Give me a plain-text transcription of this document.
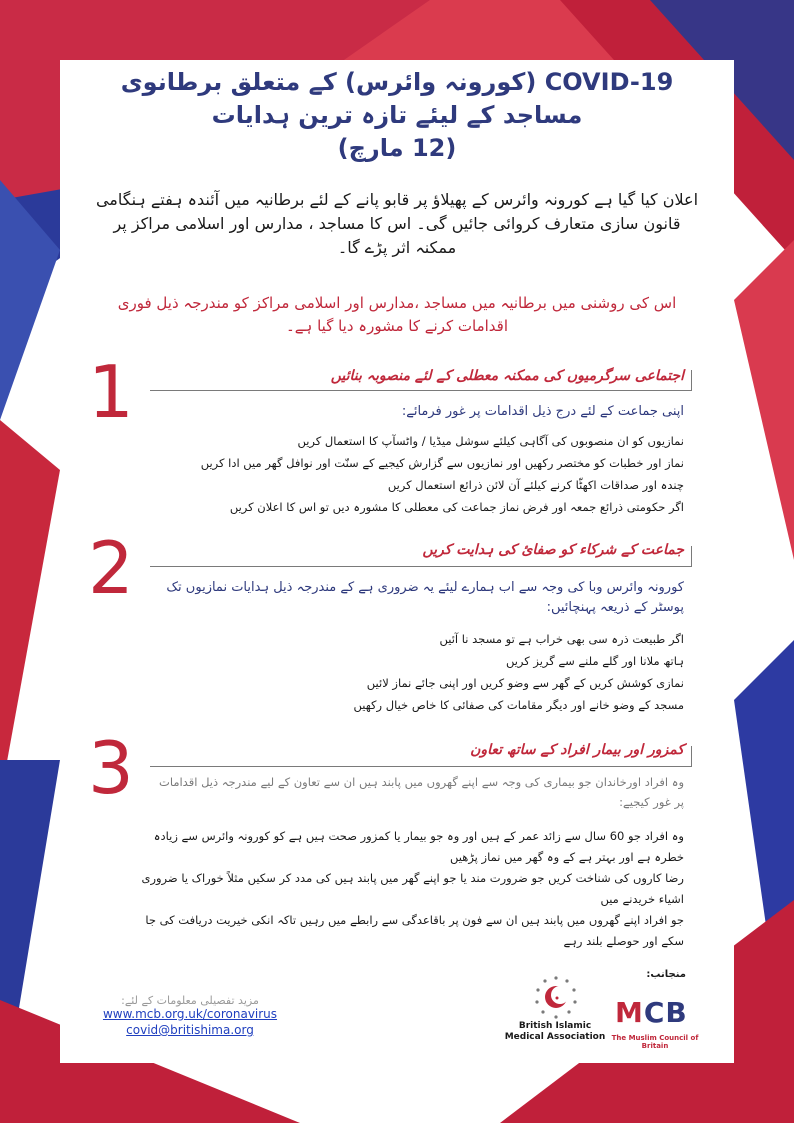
COVID-19 (کورونہ وائرس) کے متعلق برطانوی
مساجد کے لیئے تازہ ترین ہدایات
(12 مارچ)
اعلان کیا گیا ہے کورونہ وائرس کے پھیلاؤ پر قابو پانے کے لئے برطانیہ میں آئندہ ہفتے ہنگامی قانون سازی متعارف کروائی جائیں گی۔ اس کا مساجد ، مدارس اور اسلامی مراکز پر ممکنہ اثر پڑے گا۔
اس کی روشنی میں برطانیہ میں مساجد ،مدارس اور اسلامی مراکز کو مندرجہ ذیل فوری اقدامات کرنے کا مشورہ دیا گیا ہے۔
1	اجتماعی سرگرمیوں کی ممکنہ معطلی کے لئے منصوبہ بنائیں
اپنی جماعت کے لئے درج ذیل اقدامات پر غور فرمائے:
نمازیوں کو ان منصوبوں کی آگاہی کیلئے سوشل میڈیا / واٹسآپ کا استعمال کریں
نماز اور خطبات کو مختصر رکھیں اور نمازیوں سے گزارش کیجیے کے سنّت اور نوافل گھر میں ادا کریں
چندہ اور صداقات اکھٹّا کرنے کیلئے آن لائن ذرائع استعمال کریں
اگر حکومتی ذرائع جمعہ اور فرض نماز جماعت کی معطلی کا مشورہ دیں تو اس کا اعلان کریں
2	جماعت کے شرکاء کو صفائ کی ہدایت کریں
کورونہ وائرس وبا کی وجہ سے اب ہمارے لیئے یہ ضروری ہے کے مندرجہ ذیل ہدایات نمازیوں تک پوسٹر کے ذریعہ پہنچائیں:
اگر طبیعت ذرہ سی بھی خراب ہے تو مسجد نا آئیں
ہاتھ ملانا اور گلے ملنے سے گریز کریں
نمازی کوشش کریں کے گھر سے وضو کریں اور اپنی جائے نماز لائیں
مسجد کے وضو خانے اور دیگر مقامات کی صفائی کا خاص خیال رکھیں
3	کمزور اور بیمار افراد کے ساتھ تعاون
وہ افراد اورخاندان جو بیماری کی وجہ سے اپنے گھروں میں پابند ہیں ان سے تعاون کے لیے مندرجہ ذیل اقدامات پر غور کیجیے:
وہ افراد جو 60 سال سے زائد عمر کے ہیں اور وہ جو بیمار یا کمزور صحت ہیں ہے کو کورونہ وائرس سے زیادہ خطرہ ہے اور بہتر ہے کے وہ گھر میں نماز پڑھیں
رضا کاروں کی شناخت کریں جو ضرورت مند یا جو اپنے گھر میں پابند ہیں کی مدد کر سکیں مثلاً خوراک یا ضروری اشیاء خریدنے میں
جو افراد اپنے گھروں میں پابند ہیں ان سے فون پر باقاعدگی سے رابطے میں رہیں تاکہ انکی خیریت دریافت کی جا سکے اور حوصلے بلند رہے
مزید تفصیلی معلومات کے لئے:
www.mcb.org.uk/coronavirus
covid@britishima.org
منجانب:
British Islamic Medical Association
MCB
The Muslim Council of Britain
